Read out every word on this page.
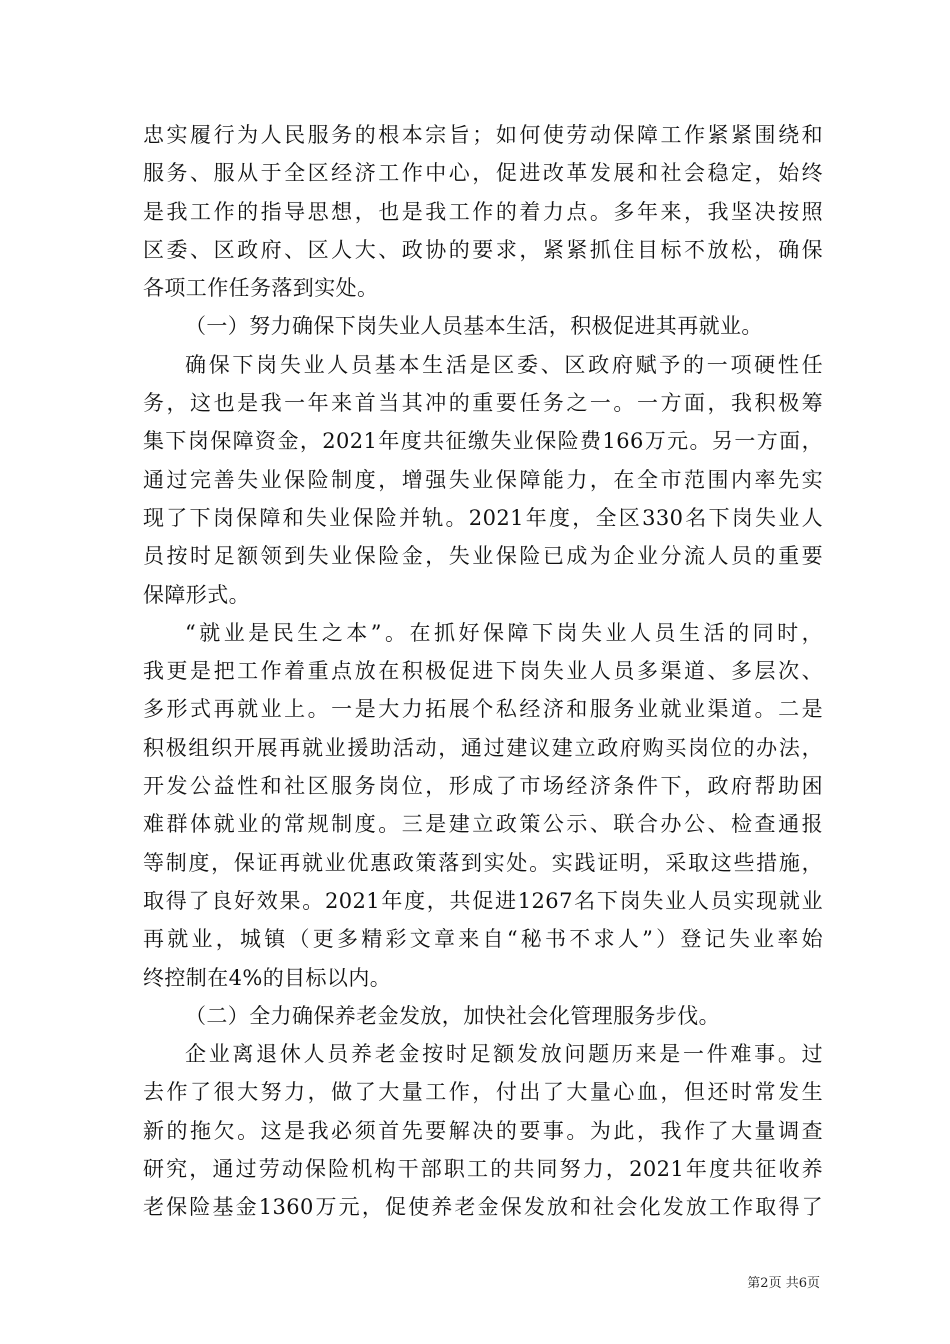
忠实履行为人民服务的根本宗旨；如何使劳动保障工作紧紧围绕和
服务、服从于全区经济工作中心，促进改革发展和社会稳定，始终
是我工作的指导思想，也是我工作的着力点。多年来，我坚决按照
区委、区政府、区人大、政协的要求，紧紧抓住目标不放松，确保
各项工作任务落到实处。
（一）努力确保下岗失业人员基本生活，积极促进其再就业。
确保下岗失业人员基本生活是区委、区政府赋予的一项硬性任
务，这也是我一年来首当其冲的重要任务之一。一方面，我积极筹
集下岗保障资金，2021年度共征缴失业保险费166万元。另一方面，
通过完善失业保险制度，增强失业保障能力，在全市范围内率先实
现了下岗保障和失业保险并轨。2021年度，全区330名下岗失业人
员按时足额领到失业保险金，失业保险已成为企业分流人员的重要
保障形式。
“就业是民生之本”。在抓好保障下岗失业人员生活的同时，
我更是把工作着重点放在积极促进下岗失业人员多渠道、多层次、
多形式再就业上。一是大力拓展个私经济和服务业就业渠道。二是
积极组织开展再就业援助活动，通过建议建立政府购买岗位的办法，
开发公益性和社区服务岗位，形成了市场经济条件下，政府帮助困
难群体就业的常规制度。三是建立政策公示、联合办公、检查通报
等制度，保证再就业优惠政策落到实处。实践证明，采取这些措施，
取得了良好效果。2021年度，共促进1267名下岗失业人员实现就业
再就业，城镇（更多精彩文章来自“秘书不求人”）登记失业率始
终控制在4%的目标以内。
（二）全力确保养老金发放，加快社会化管理服务步伐。
企业离退休人员养老金按时足额发放问题历来是一件难事。过
去作了很大努力，做了大量工作，付出了大量心血，但还时常发生
新的拖欠。这是我必须首先要解决的要事。为此，我作了大量调查
研究，通过劳动保险机构干部职工的共同努力，2021年度共征收养
老保险基金1360万元，促使养老金保发放和社会化发放工作取得了
第2页 共6页
